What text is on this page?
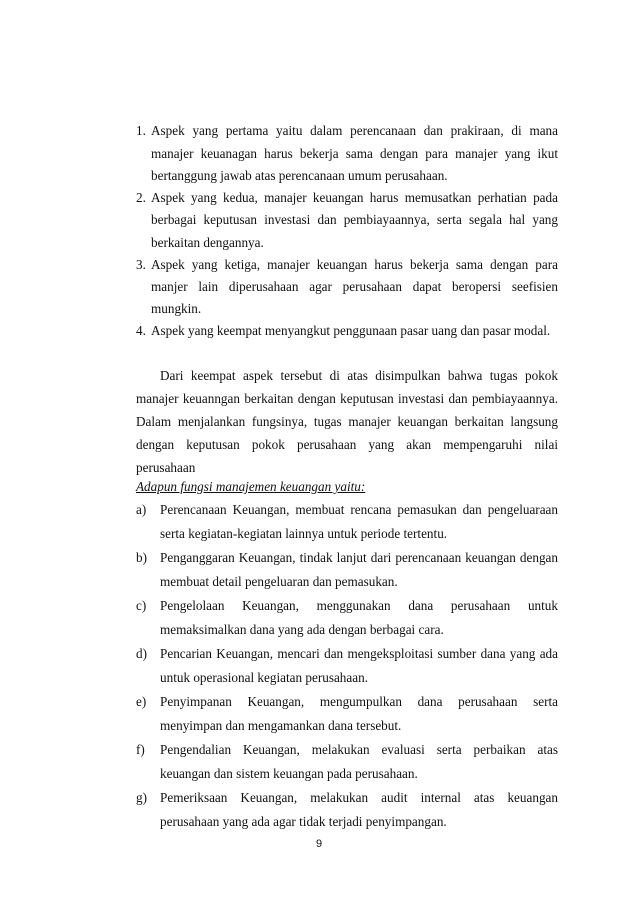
1. Aspek yang pertama yaitu dalam perencanaan dan prakiraan, di mana
manajer keuanagan harus bekerja sama dengan para manajer yang ikut
bertanggung jawab atas perencanaan umum perusahaan.
2. Aspek yang kedua, manajer keuangan harus memusatkan perhatian pada
berbagai keputusan investasi dan pembiayaannya, serta segala hal yang
berkaitan dengannya.
3. Aspek yang ketiga, manajer keuangan harus bekerja sama dengan para
manjer lain diperusahaan agar perusahaan dapat beropersi seefisien
mungkin.
4. Aspek yang keempat menyangkut penggunaan pasar uang dan pasar modal.
Dari keempat aspek tersebut di atas disimpulkan bahwa tugas pokok
manajer keuanngan berkaitan dengan keputusan investasi dan pembiayaannya.
Dalam menjalankan fungsinya, tugas manajer keuangan berkaitan langsung
dengan keputusan pokok perusahaan yang akan mempengaruhi nilai
perusahaan
Adapun fungsi manajemen keuangan yaitu:
a) Perencanaan Keuangan, membuat rencana pemasukan dan pengeluaraan
serta kegiatan-kegiatan lainnya untuk periode tertentu.
b) Penganggaran Keuangan, tindak lanjut dari perencanaan keuangan dengan
membuat detail pengeluaran dan pemasukan.
c) Pengelolaan Keuangan, menggunakan dana perusahaan untuk
memaksimalkan dana yang ada dengan berbagai cara.
d) Pencarian Keuangan, mencari dan mengeksploitasi sumber dana yang ada
untuk operasional kegiatan perusahaan.
e) Penyimpanan Keuangan, mengumpulkan dana perusahaan serta
menyimpan dan mengamankan dana tersebut.
f) Pengendalian Keuangan, melakukan evaluasi serta perbaikan atas
keuangan dan sistem keuangan pada perusahaan.
g) Pemeriksaan Keuangan, melakukan audit internal atas keuangan
perusahaan yang ada agar tidak terjadi penyimpangan.
9
